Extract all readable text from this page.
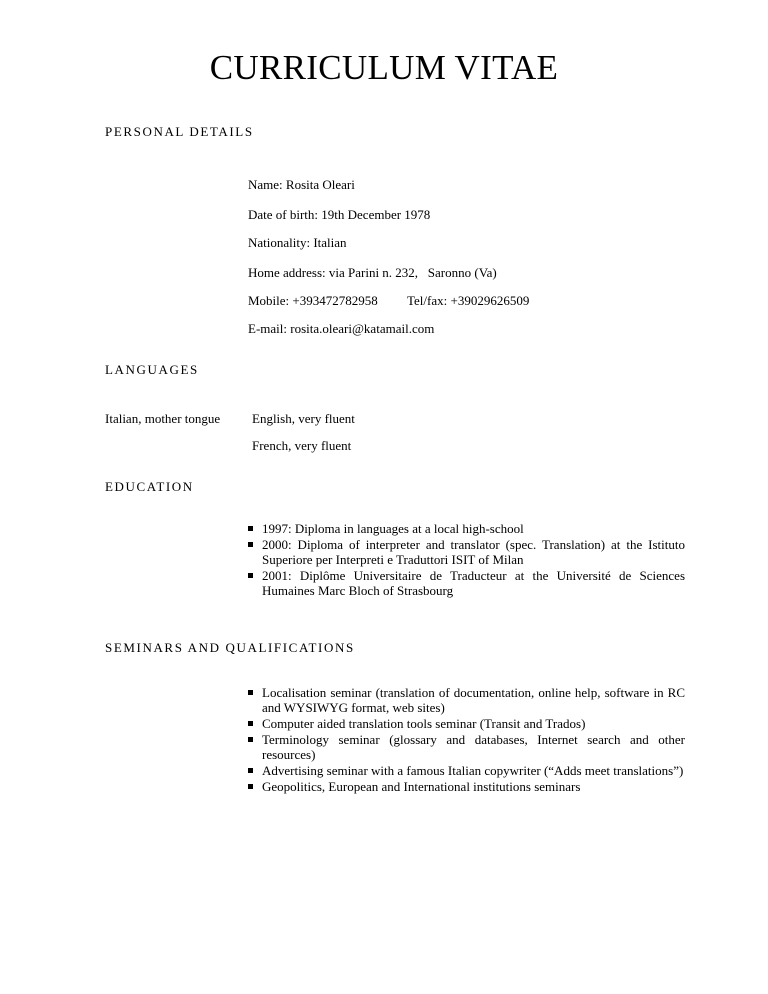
CURRICULUM VITAE
PERSONAL DETAILS
Name: Rosita Oleari
Date of birth: 19th December 1978
Nationality: Italian
Home address: via Parini n. 232,   Saronno (Va)
Mobile: +393472782958 Tel/fax: +39029626509
E-mail: rosita.oleari@katamail.com
LANGUAGES
Italian, mother tongue English, very fluent
French, very fluent
EDUCATION
1997: Diploma in languages at a local high-school
2000: Diploma of interpreter and translator (spec. Translation) at the Istituto Superiore per Interpreti e Traduttori ISIT of Milan
2001: Diplôme Universitaire de Traducteur at the Université de Sciences Humaines Marc Bloch of Strasbourg
SEMINARS AND QUALIFICATIONS
Localisation seminar (translation of documentation, online help, software in RC and WYSIWYG format, web sites)
Computer aided translation tools seminar (Transit and Trados)
Terminology seminar (glossary and databases, Internet search and other resources)
Advertising seminar with a famous Italian copywriter (“Adds meet translations”)
Geopolitics, European and International institutions seminars
